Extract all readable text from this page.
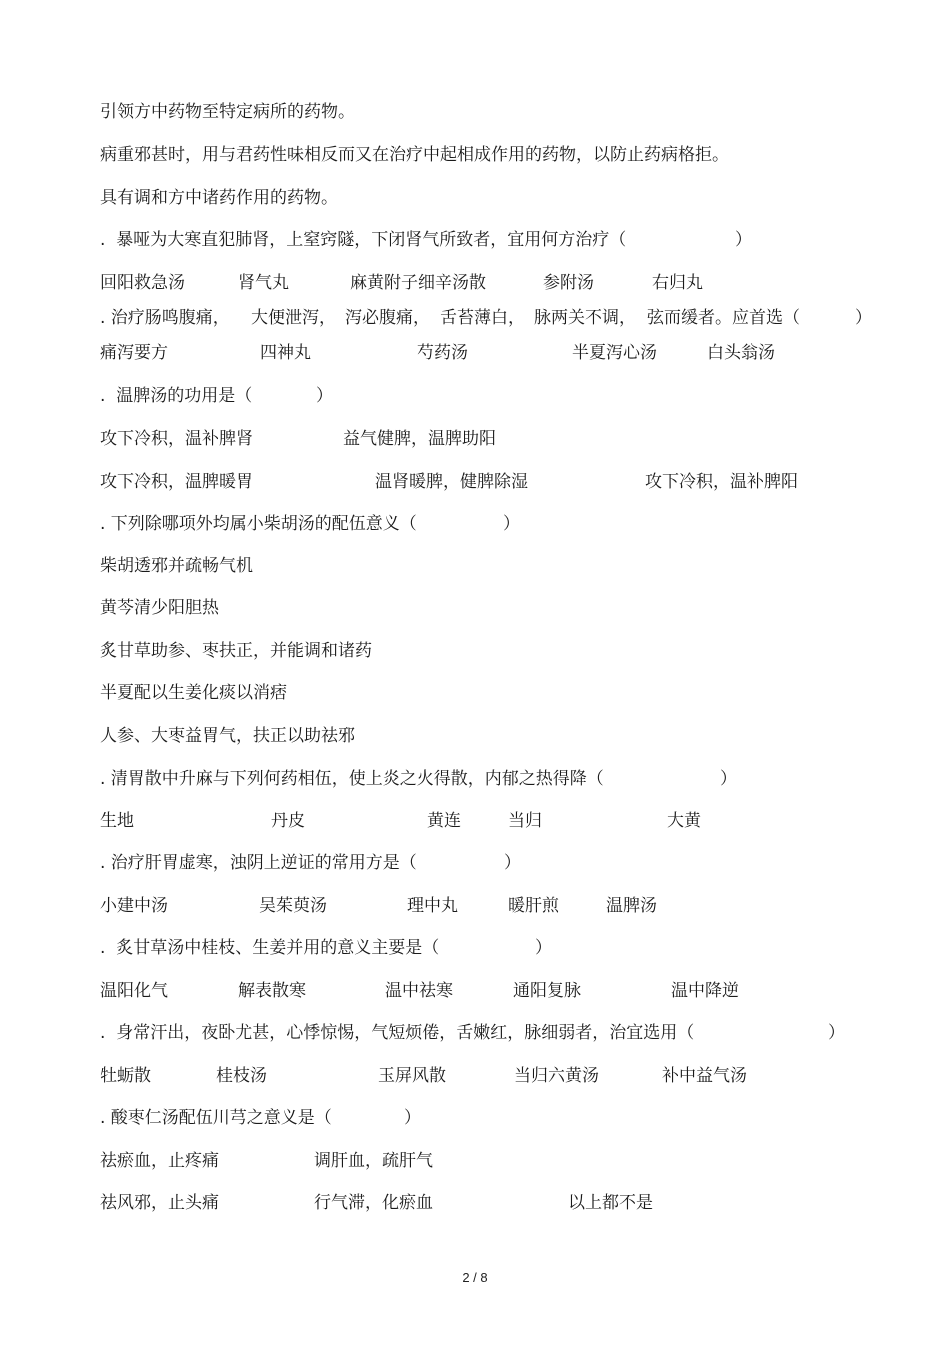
引领方中药物至特定病所的药物。
病重邪甚时，用与君药性味相反而又在治疗中起相成作用的药物，以防止药病格拒。
具有调和方中诸药作用的药物。
.  暴哑为大寒直犯肺肾，上窒窍隧，下闭肾气所致者，宜用何方治疗（	）
回阳救急汤	肾气丸	麻黄附子细辛汤散	参附汤	右归丸
. 治疗肠鸣腹痛， 大便泄泻， 泻必腹痛， 舌苔薄白， 脉两关不调， 弦而缓者。应首选（	）
痛泻要方	四神丸	芍药汤	半夏泻心汤	白头翁汤
.  温脾汤的功用是（	）
攻下冷积，温补脾肾	益气健脾，温脾助阳
攻下冷积，温脾暖胃	温肾暖脾，健脾除湿	攻下冷积，温补脾阳
. 下列除哪项外均属小柴胡汤的配伍意义（	）
柴胡透邪并疏畅气机
黄芩清少阳胆热
炙甘草助参、枣扶正，并能调和诸药
半夏配以生姜化痰以消痞
人参、大枣益胃气，扶正以助祛邪
. 清胃散中升麻与下列何药相伍，使上炎之火得散，内郁之热得降（	）
生地	丹皮	黄连	当归	大黄
. 治疗肝胃虚寒，浊阴上逆证的常用方是（	）
小建中汤	吴茱萸汤	理中丸	暖肝煎	温脾汤
.  炙甘草汤中桂枝、生姜并用的意义主要是（	）
温阳化气	解表散寒	温中祛寒	通阳复脉	温中降逆
.  身常汗出，夜卧尤甚，心悸惊惕，气短烦倦，舌嫩红，脉细弱者，治宜选用（	）
牡蛎散	桂枝汤	玉屏风散	当归六黄汤	补中益气汤
. 酸枣仁汤配伍川芎之意义是（	）
祛瘀血，止疼痛	调肝血，疏肝气
祛风邪，止头痛	行气滞，化瘀血	以上都不是
2 / 8
